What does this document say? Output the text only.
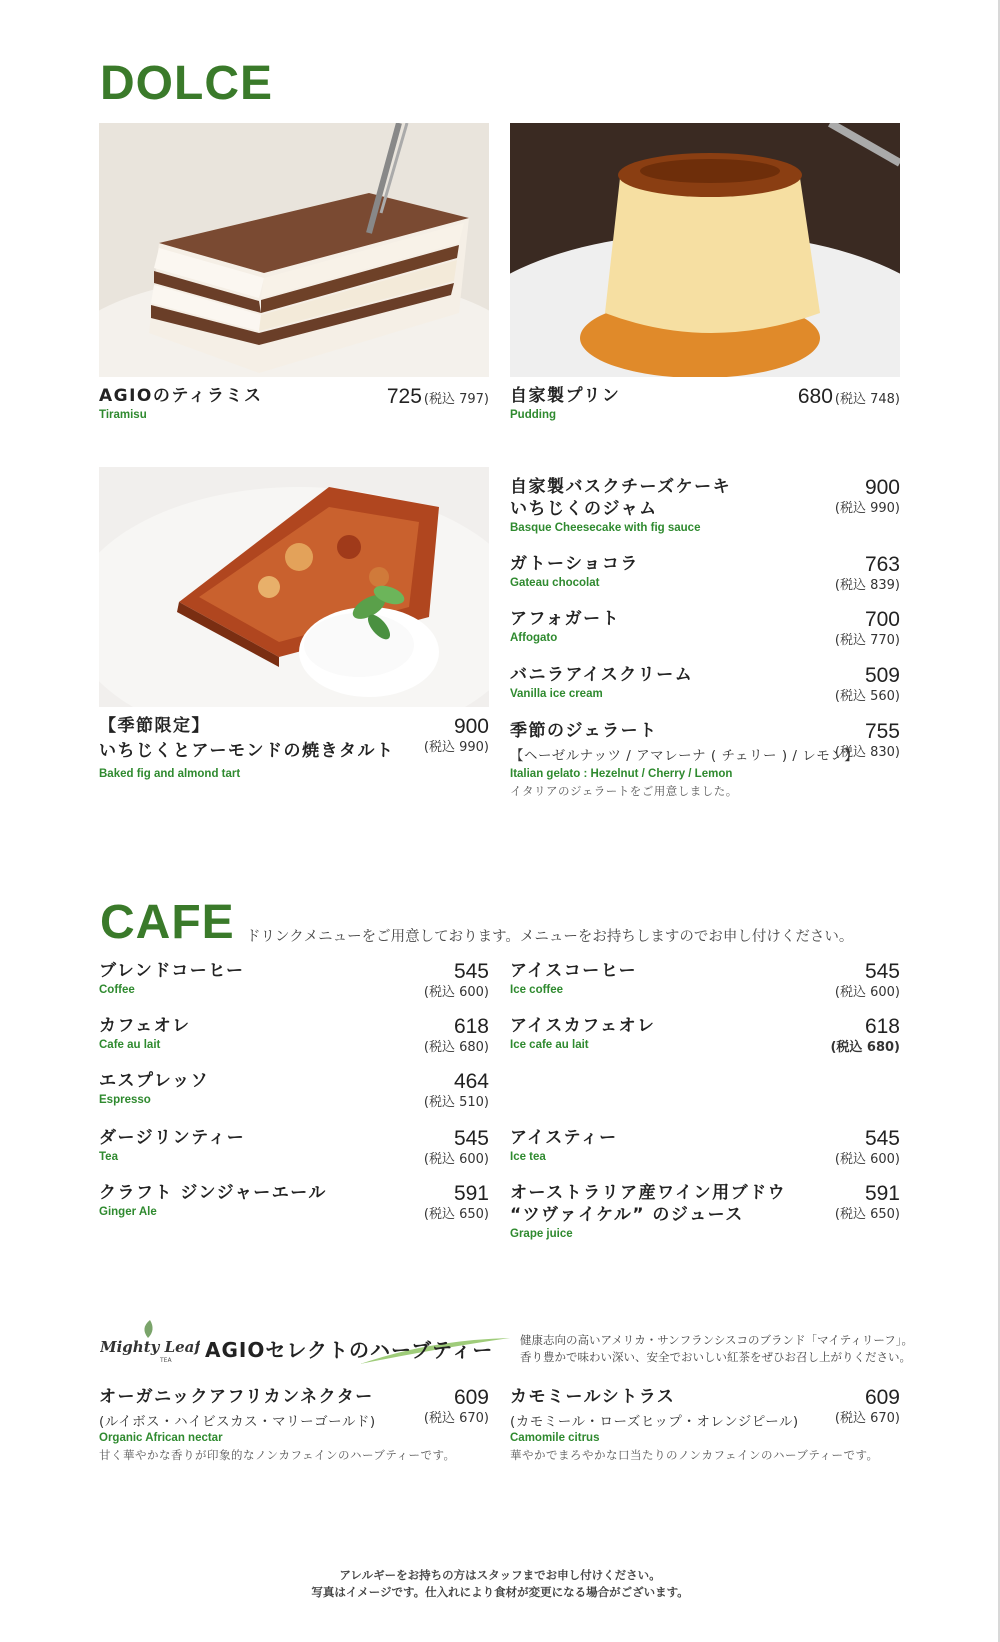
DOLCE
AGIOのティラミス
Tiramisu
725 (税込 797) 自家製プリン
Pudding
680 (税込 748)
【季節限定】
いちじくとアーモンドの焼きタルト
Baked fig and almond tart
900
(税込 990)
自家製バスクチーズケーキ
いちじくのジャム
Basque Cheesecake with fig sauce
900
(税込 990)
ガトーショコラ
Gateau chocolat
763
(税込 839)
アフォガート
Affogato
700
(税込 770)
バニラアイスクリーム
Vanilla ice cream
509
(税込 560)
季節のジェラート
【ヘーゼルナッツ / アマレーナ ( チェリー ) / レモン】
Italian gelato : Hezelnut / Cherry / Lemon
イタリアのジェラートをご用意しました。
755
(税込 830)
CAFE ドリンクメニューをご用意しております。メニューをお持ちしますのでお申し付けください。
ブレンドコーヒー
Coffee
545
(税込 600)
カフェオレ
Cafe au lait
618
(税込 680)
エスプレッソ
Espresso
464
(税込 510)
ダージリンティー
Tea
545
(税込 600)
クラフト ジンジャーエール
Ginger Ale
591
(税込 650)
アイスコーヒー
Ice coffee
545
(税込 600)
アイスカフェオレ
Ice cafe au lait
618
(税込 680)
アイスティー
Ice tea
545
(税込 600)
オーストラリア産ワイン用ブドウ
“ツヴァイケル” のジュース
Grape juice
591
(税込 650)
Mighty Leaf
TEA AGIOセレクトのハーブティー 健康志向の高いアメリカ・サンフランシスコのブランド「マイティリーフ」。
香り豊かで味わい深い、安全でおいしい紅茶をぜひお召し上がりください。
オーガニックアフリカンネクター
(ルイボス・ハイビスカス・マリーゴールド)
Organic African nectar
甘く華やかな香りが印象的なノンカフェインのハーブティーです。
609
(税込 670)
カモミールシトラス
(カモミール・ローズヒップ・オレンジピール)
Camomile citrus
華やかでまろやかな口当たりのノンカフェインのハーブティーです。
609
(税込 670)
アレルギーをお持ちの方はスタッフまでお申し付けください。
写真はイメージです。仕入れにより食材が変更になる場合がございます。
